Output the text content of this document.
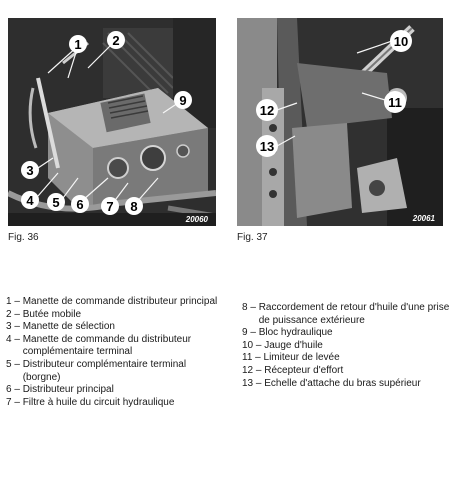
1 2
3
4 5 6 7 8
9
20060
10
11
12
13
20061
Fig. 36	Fig. 37
1 – Manette de commande distributeur principal
2 – Butée mobile
3 – Manette de sélection
4 – Manette de commande du distributeur complémentaire terminal
5 – Distributeur complémentaire terminal (borgne)
6 – Distributeur principal
7 – Filtre à huile du circuit hydraulique
8 – Raccordement de retour d'huile d'une prise de puissance extérieure
9 – Bloc hydraulique
10 – Jauge d'huile
11 – Limiteur de levée
12 – Récepteur d'effort
13 – Echelle d'attache du bras supérieur
